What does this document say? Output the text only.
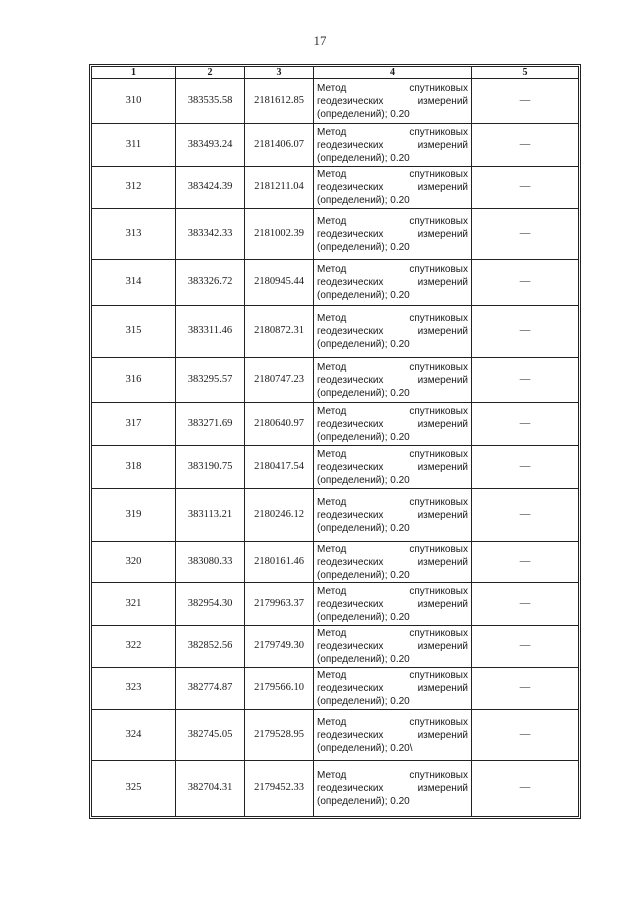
17
1	2	3	4	5
310	383535.58	2181612.85	Метод спутниковых
геодезических измерений
(определений); 0.20	—
311	383493.24	2181406.07	Метод спутниковых
геодезических измерений
(определений); 0.20	—
312	383424.39	2181211.04	Метод спутниковых
геодезических измерений
(определений); 0.20	—
313	383342.33	2181002.39	Метод спутниковых
геодезических измерений
(определений); 0.20	—
314	383326.72	2180945.44	Метод спутниковых
геодезических измерений
(определений); 0.20	—
315	383311.46	2180872.31	Метод спутниковых
геодезических измерений
(определений); 0.20	—
316	383295.57	2180747.23	Метод спутниковых
геодезических измерений
(определений); 0.20	—
317	383271.69	2180640.97	Метод спутниковых
геодезических измерений
(определений); 0.20	—
318	383190.75	2180417.54	Метод спутниковых
геодезических измерений
(определений); 0.20	—
319	383113.21	2180246.12	Метод спутниковых
геодезических измерений
(определений); 0.20	—
320	383080.33	2180161.46	Метод спутниковых
геодезических измерений
(определений); 0.20	—
321	382954.30	2179963.37	Метод спутниковых
геодезических измерений
(определений); 0.20	—
322	382852.56	2179749.30	Метод спутниковых
геодезических измерений
(определений); 0.20	—
323	382774.87	2179566.10	Метод спутниковых
геодезических измерений
(определений); 0.20	—
324	382745.05	2179528.95	Метод спутниковых
геодезических измерений
(определений); 0.20\	—
325	382704.31	2179452.33	Метод спутниковых
геодезических измерений
(определений); 0.20	—
